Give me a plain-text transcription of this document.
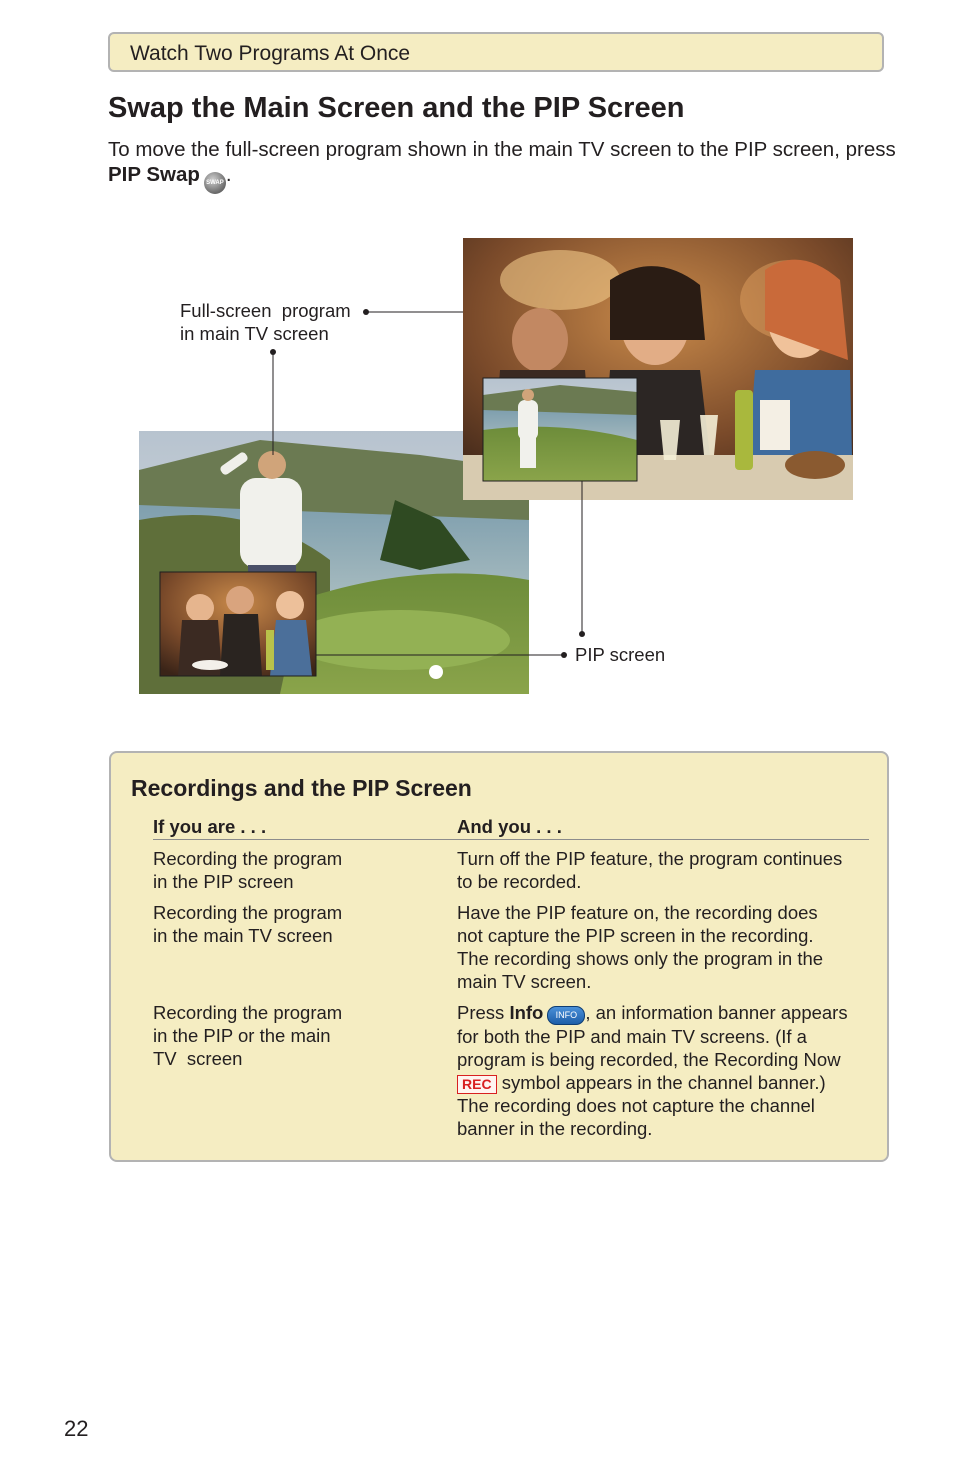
Watch Two Programs At Once
Swap the Main Screen and the PIP Screen

To move the full-screen program shown in the main TV screen to the PIP screen, press PIP Swap SWAP .

Full-screen  program
in main TV screen
PIP screen
Recordings and the PIP Screen
If you are . . .	And you . . .
Recording the program
in the PIP screen
Turn off the PIP feature, the program continues
to be recorded.
Recording the program
in the main TV screen
Have the PIP feature on, the recording does
not capture the PIP screen in the recording.
The recording shows only the program in the
main TV screen.
Recording the program
in the PIP or the main
TV  screen
Press Info INFO , an information banner appears
for both the PIP and main TV screens. (If a
program is being recorded, the Recording Now
REC symbol appears in the channel banner.)
The recording does not capture the channel
banner in the recording.
22
